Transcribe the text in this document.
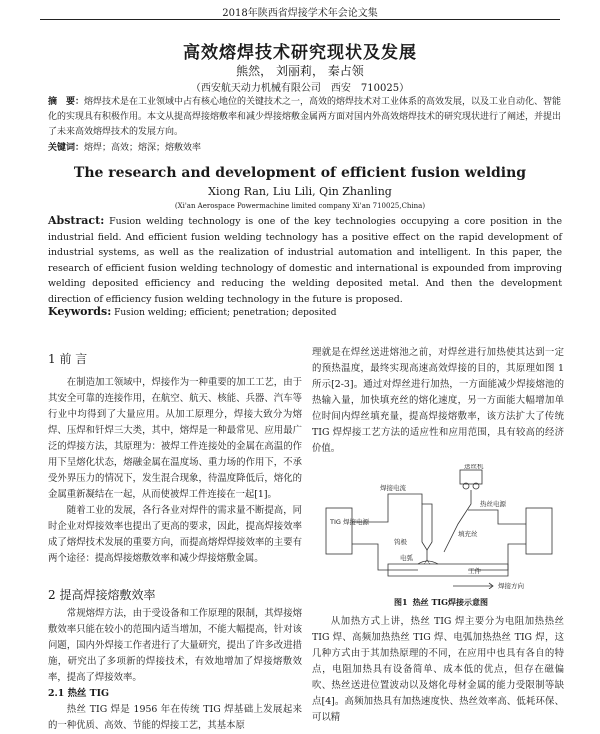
2018年陕西省焊接学术年会论文集
高效熔焊技术研究现状及发展
熊然， 刘丽莉， 秦占领
（西安航天动力机械有限公司　西安　710025）
摘　要：熔焊技术是在工业领域中占有核心地位的关键技术之一，高效的熔焊技术对工业体系的高效发展，以及工业自动化、智能化的实现具有积极作用。本文从提高焊接熔敷率和减少焊接熔敷金属两方面对国内外高效熔焊技术的研究现状进行了阐述，并提出了未来高效熔焊技术的发展方向。
关键词：熔焊；高效；熔深；熔敷效率
The research and development of efficient fusion welding
Xiong Ran, Liu Lili, Qin Zhanling
(Xi'an Aerospace Powermachine limited company Xi'an 710025,China)
Abstract: Fusion welding technology is one of the key technologies occupying a core position in the industrial field. And efficient fusion welding technology has a positive effect on the rapid development of industrial systems, as well as the realization of industrial automation and intelligent. In this paper, the research of efficient fusion welding technology of domestic and international is expounded from improving welding deposited efficiency and reducing the welding deposited metal. And then the development direction of efficiency fusion welding technology in the future is proposed.
Keywords: Fusion welding; efficient; penetration; deposited
1 前 言

在制造加工领域中，焊接作为一种重要的加工工艺，由于其安全可靠的连接作用，在航空、航天、核能、兵器、汽车等行业中均得到了大量应用。从加工原理分，焊接大致分为熔焊、压焊和钎焊三大类，其中，熔焊是一种最常见、应用最广泛的焊接方法，其原理为：被焊工件连接处的金属在高温的作用下呈熔化状态，熔融金属在温度场、重力场的作用下，不承受外界压力的情况下，发生混合现象，待温度降低后，熔化的金属重新凝结在一起，从而使被焊工件连接在一起[1]。

随着工业的发展，各行各业对焊件的需求量不断提高，同时企业对焊接效率也提出了更高的要求，因此，提高焊接效率成了熔焊技术发展的重要方向，而提高熔焊焊接效率的主要有两个途径：提高焊接熔敷效率和减少焊接熔敷金属。

2 提高焊接熔敷效率

常规熔焊方法，由于受设备和工作原理的限制，其焊接熔敷效率只能在较小的范围内适当增加，不能大幅提高，针对该问题，国内外焊接工作者进行了大量研究，提出了许多改进措施，研究出了多项新的焊接技术，有效地增加了焊接熔敷效率，提高了焊接效率。

2.1 热丝 TIG

热丝 TIG 焊是 1956 年在传统 TIG 焊基础上发展起来的一种优质、高效、节能的焊接工艺，其基本原

理就是在焊丝送进熔池之前，对焊丝进行加热使其达到一定的预热温度，最终实现高速高效焊接的目的，其原理如图 1 所示[2-3]。通过对焊丝进行加热，一方面能减少焊接熔池的热输入量，加快填充丝的熔化速度，另一方面能大幅增加单位时间内焊丝填充量，提高焊接熔敷率，该方法扩大了传统 TIG 焊焊接工艺方法的适应性和应用范围，具有较高的经济价值。

送丝机
焊接电流
热丝电源
TIG 焊接电源
填充丝
钨极
工件
电弧
焊接方向
图1 热丝 TIG焊接示意图

从加热方式上讲，热丝 TIG 焊主要分为电阻加热热丝 TIG 焊、高频加热热丝 TIG 焊、电弧加热热丝 TIG 焊，这几种方式由于其加热原理的不同，在应用中也具有各自的特点，电阻加热具有设备简单、成本低的优点，但存在磁偏吹、热丝送进位置波动以及熔化母材金属的能力受限制等缺点[4]。高频加热具有加热速度快、热丝效率高、低耗环保、可以精
